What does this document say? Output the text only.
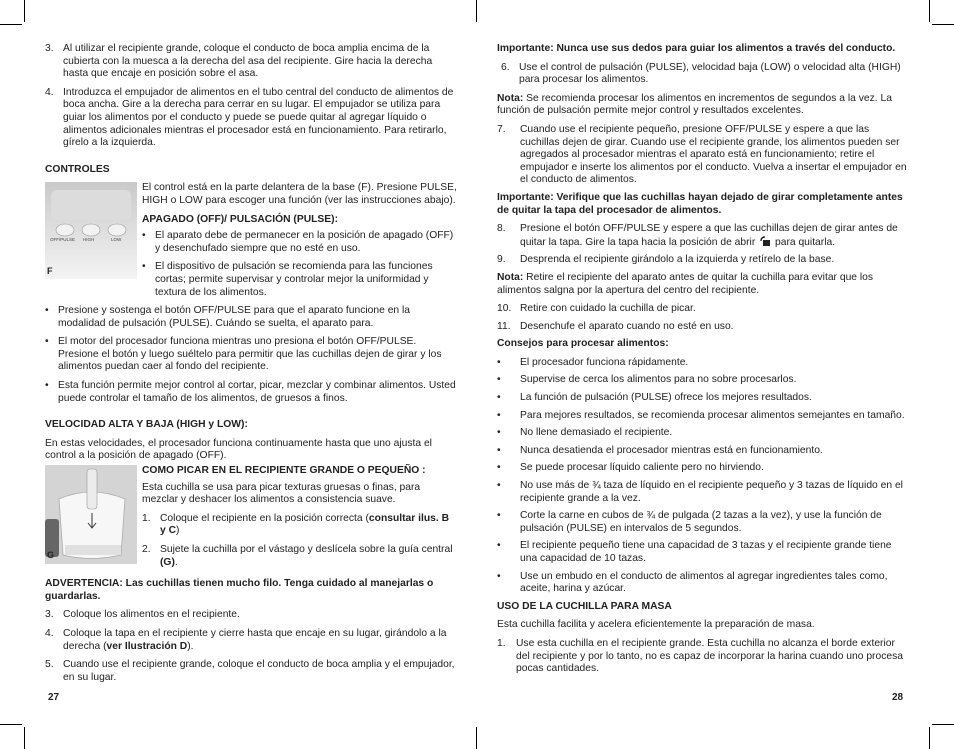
3. Al utilizar el recipiente grande, coloque el conducto de boca amplia encima de la cubierta con la muesca a la derecha del asa del recipiente. Gire hacia la derecha hasta que encaje en posición sobre el asa.
4. Introduzca el empujador de alimentos en el tubo central del conducto de alimentos de boca ancha. Gire a la derecha para cerrar en su lugar. El empujador se utiliza para guiar los alimentos por el conducto y puede se puede quitar al agregar líquido o alimentos adicionales mientras el procesador está en funcionamiento. Para retirarlo, gírelo a la izquierda.
CONTROLES
OFF/PULSE HIGH	LOW
F

El control está en la parte delantera de la base (F). Presione PULSE, HIGH o LOW para escoger una función (ver las instrucciones abajo).

APAGADO (OFF)/ PULSACIÓN (PULSE):
• El aparato debe de permanecer en la posición de apagado (OFF) y desenchufado siempre que no esté en uso.
• El dispositivo de pulsación se recomienda para las funciones cortas; permite supervisar y controlar mejor la uniformidad y textura de los alimentos.
• Presione y sostenga el botón OFF/PULSE para que el aparato funcione en la modalidad de pulsación (PULSE). Cuándo se suelta, el aparato para.
• El motor del procesador funciona mientras uno presiona el botón OFF/PULSE. Presione el botón y luego suéltelo para permitir que las cuchillas dejen de girar y los alimentos puedan caer al fondo del recipiente.
• Esta función permite mejor control al cortar, picar, mezclar y combinar alimentos. Usted puede controlar el tamaño de los alimentos, de gruesos a finos.
VELOCIDAD ALTA Y BAJA (HIGH y LOW):

En estas velocidades, el procesador funciona continuamente hasta que uno ajusta el control a la posición de apagado (OFF).

G
COMO PICAR EN EL RECIPIENTE GRANDE O PEQUEÑO :

Esta cuchilla se usa para picar texturas gruesas o finas, para mezclar y deshacer los alimentos a consistencia suave.

1. Coloque el recipiente en la posición correcta (consultar ilus. B y C)
2. Sujete la cuchilla por el vástago y deslícela sobre la guía central (G).
ADVERTENCIA: Las cuchillas tienen mucho filo. Tenga cuidado al manejarlas o guardarlas.
3. Coloque los alimentos en el recipiente.
4. Coloque la tapa en el recipiente y cierre hasta que encaje en su lugar, girándolo a la derecha (ver Ilustración D).
5. Cuando use el recipiente grande, coloque el conducto de boca amplia y el empujador, en su lugar.
27
Importante: Nunca use sus dedos para guiar los alimentos a través del conducto.
6. Use el control de pulsación (PULSE), velocidad baja (LOW) o velocidad alta (HIGH) para procesar los alimentos.

Nota: Se recomienda procesar los alimentos en incrementos de segundos a la vez. La función de pulsación permite mejor control y resultados excelentes.

7.	Cuando use el recipiente pequeño, presione OFF/PULSE y espere a que las cuchillas dejen de girar. Cuando use el recipiente grande, los alimentos pueden ser agregados al procesador mientras el aparato está en funcionamiento; retire el empujador e inserte los alimentos por el conducto. Vuelva a insertar el empujador en el conducto de alimentos.
Importante: Verifique que las cuchillas hayan dejado de girar completamente antes de quitar la tapa del procesador de alimentos.
8.	Presione el botón OFF/PULSE y espere a que las cuchillas dejen de girar antes de quitar la tapa. Gire la tapa hacia la posición de abrir  para quitarla.
9.	Desprenda el recipiente girándolo a la izquierda y retírelo de la base.

Nota: Retire el recipiente del aparato antes de quitar la cuchilla para evitar que los alimentos salgna por la apertura del centro del recipiente.

10. Retire con cuidado la cuchilla de picar.
11. Desenchufe el aparato cuando no esté en uso.
Consejos para procesar alimentos:
•	El procesador funciona rápidamente.
•	Supervise de cerca los alimentos para no sobre procesarlos.
•	La función de pulsación (PULSE) ofrece los mejores resultados.
•	Para mejores resultados, se recomienda procesar alimentos semejantes en tamaño.
•	No llene demasiado el recipiente.
•	Nunca desatienda el procesador mientras está en funcionamiento.
•	Se puede procesar líquido caliente pero no hirviendo.
•	No use más de ¾ taza de líquido en el recipiente pequeño y 3 tazas de líquido en el recipiente grande a la vez.
•	Corte la carne en cubos de ¾ de pulgada (2 tazas a la vez), y use la función de pulsación (PULSE) en intervalos de 5 segundos.
•	El recipiente pequeño tiene una capacidad de 3 tazas y el recipiente grande tiene una capacidad de 10 tazas.
•	Use un embudo en el conducto de alimentos al agregar ingredientes tales como, aceite, harina y azúcar.
USO DE LA CUCHILLA PARA MASA

Esta cuchilla facilita y acelera eficientemente la preparación de masa.

1.	Use esta cuchilla en el recipiente grande. Esta cuchilla no alcanza el borde exterior del recipiente y por lo tanto, no es capaz de incorporar la harina cuando uno procesa pocas cantidades.
28
